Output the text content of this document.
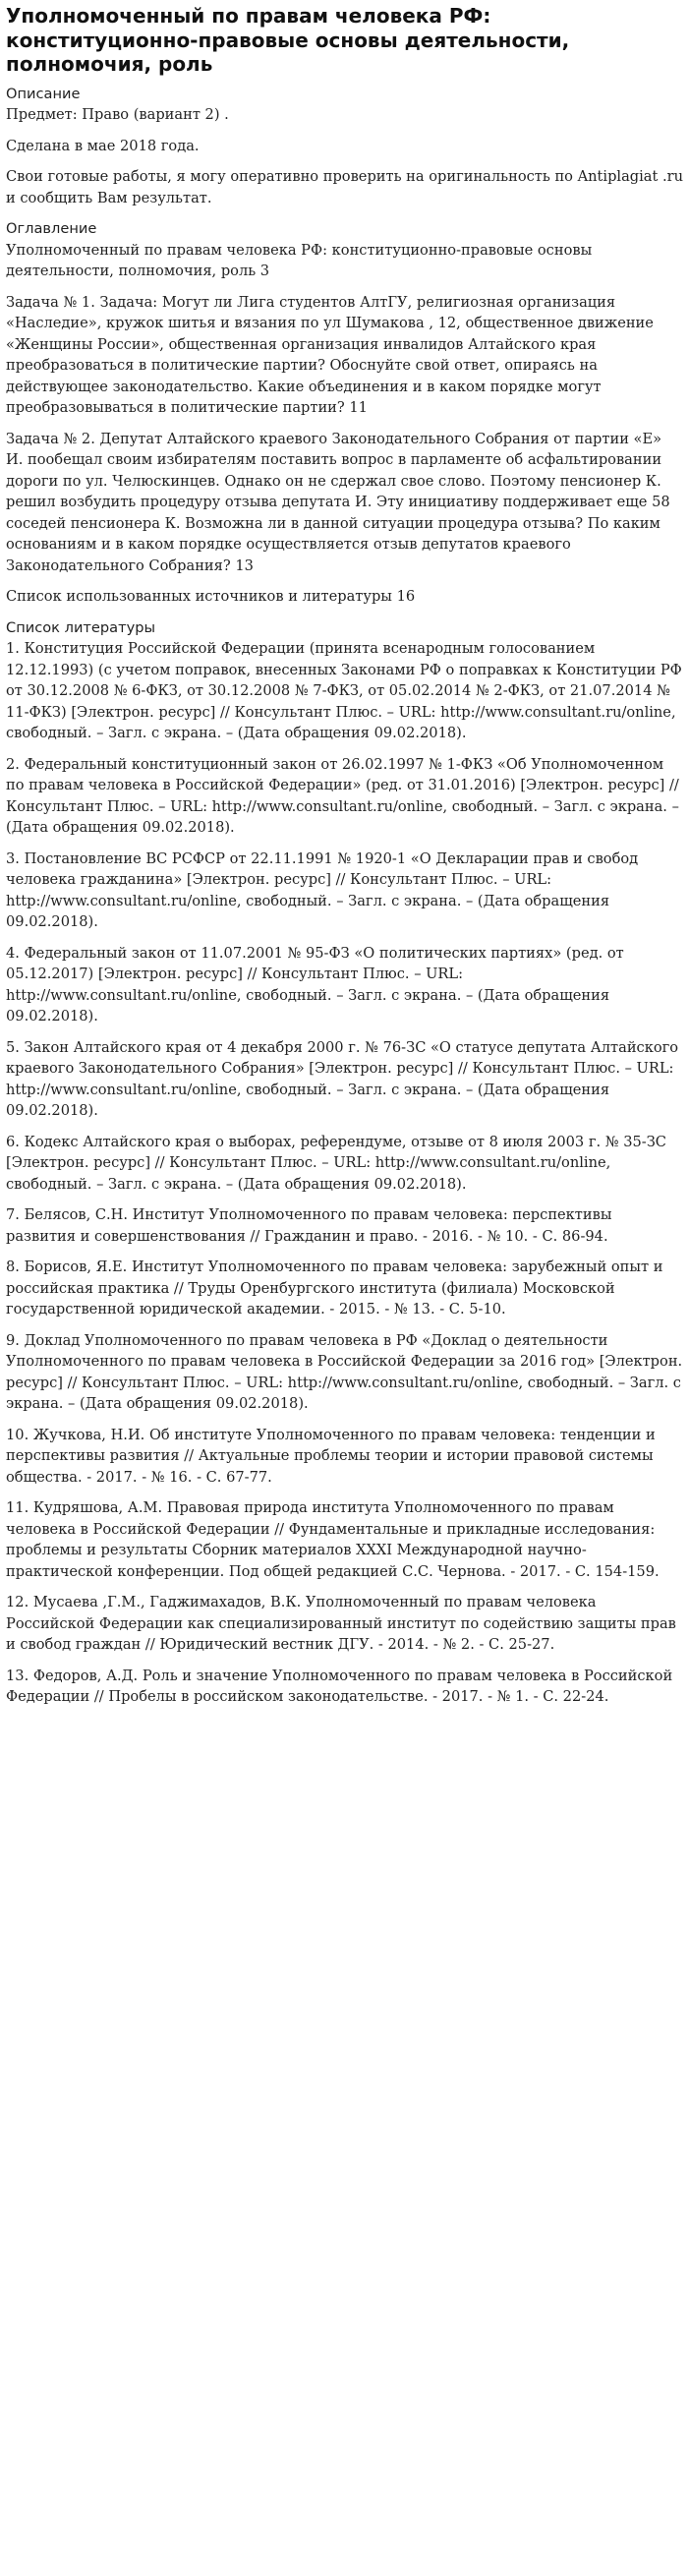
Уполномоченный по правам человека РФ: конституционно-правовые основы деятельности, полномочия, роль
Описание

Предмет: Право (вариант 2) .

Сделана в мае 2018 года.

Свои готовые работы, я могу оперативно проверить на оригинальность по Antiplagiat .ru и сообщить Вам результат.

Оглавление

Уполномоченный по правам человека РФ: конституционно-правовые основы деятельности, полномочия, роль 3

Задача № 1. Задача: Могут ли Лига студентов АлтГУ, религиозная организация «Наследие», кружок шитья и вязания по ул Шумакова , 12, общественное движение «Женщины России», общественная организация инвалидов Алтайского края преобразоваться в политические партии? Обоснуйте свой ответ, опираясь на действующее законодательство. Какие объединения и в каком порядке могут преобразовываться в политические партии? 11

Задача № 2. Депутат Алтайского краевого Законодательного Собрания от партии «Е» И. пообещал своим избирателям поставить вопрос в парламенте об асфальтировании дороги по ул. Челюскинцев. Однако он не сдержал свое слово. Поэтому пенсионер К. решил возбудить процедуру отзыва депутата И. Эту инициативу поддерживает еще 58 соседей пенсионера К. Возможна ли в данной ситуации процедура отзыва? По каким основаниям и в каком порядке осуществляется отзыв депутатов краевого Законодательного Собрания? 13

Список использованных источников и литературы 16

Список литературы

1. Конституция Российской Федерации (принята всенародным голосованием 12.12.1993) (с учетом поправок, внесенных Законами РФ о поправках к Конституции РФ от 30.12.2008 № 6-ФКЗ, от 30.12.2008 № 7-ФКЗ, от 05.02.2014 № 2-ФКЗ, от 21.07.2014 № 11-ФКЗ) [Электрон. ресурс] // Консультант Плюс. – URL: http://www.consultant.ru/online, свободный. – Загл. с экрана. – (Дата обращения 09.02.2018).

2. Федеральный конституционный закон от 26.02.1997 № 1-ФКЗ «Об Уполномоченном по правам человека в Российской Федерации» (ред. от 31.01.2016) [Электрон. ресурс] // Консультант Плюс. – URL: http://www.consultant.ru/online, свободный. – Загл. с экрана. – (Дата обращения 09.02.2018).

3. Постановление ВС РСФСР от 22.11.1991 № 1920-1 «О Декларации прав и свобод человека гражданина» [Электрон. ресурс] // Консультант Плюс. – URL: http://www.consultant.ru/online, свободный. – Загл. с экрана. – (Дата обращения 09.02.2018).

4. Федеральный закон от 11.07.2001 № 95-ФЗ «О политических партиях» (ред. от 05.12.2017) [Электрон. ресурс] // Консультант Плюс. – URL: http://www.consultant.ru/online, свободный. – Загл. с экрана. – (Дата обращения 09.02.2018).

5. Закон Алтайского края от 4 декабря 2000 г. № 76-ЗС «О статусе депутата Алтайского краевого Законодательного Собрания» [Электрон. ресурс] // Консультант Плюс. – URL: http://www.consultant.ru/online, свободный. – Загл. с экрана. – (Дата обращения 09.02.2018).

6. Кодекс Алтайского края о выборах, референдуме, отзыве от 8 июля 2003 г. № 35-ЗС [Электрон. ресурс] // Консультант Плюс. – URL: http://www.consultant.ru/online, свободный. – Загл. с экрана. – (Дата обращения 09.02.2018).

7. Белясов, С.Н. Институт Уполномоченного по правам человека: перспективы развития и совершенствования // Гражданин и право. - 2016. - № 10. - С. 86-94.

8. Борисов, Я.Е. Институт Уполномоченного по правам человека: зарубежный опыт и российская практика // Труды Оренбургского института (филиала) Московской государственной юридической академии. - 2015. - № 13. - С. 5-10.

9. Доклад Уполномоченного по правам человека в РФ «Доклад о деятельности Уполномоченного по правам человека в Российской Федерации за 2016 год» [Электрон. ресурс] // Консультант Плюс. – URL: http://www.consultant.ru/online, свободный. – Загл. с экрана. – (Дата обращения 09.02.2018).

10. Жучкова, Н.И. Об институте Уполномоченного по правам человека: тенденции и перспективы развития // Актуальные проблемы теории и истории правовой системы общества. - 2017. - № 16. - С. 67-77.

11. Кудряшова, А.М. Правовая природа института Уполномоченного по правам человека в Российской Федерации // Фундаментальные и прикладные исследования: проблемы и результаты Сборник материалов XXXI Международной научно-практической конференции. Под общей редакцией С.С. Чернова. - 2017. - С. 154-159.

12. Мусаева ,Г.М., Гаджимахадов, В.К. Уполномоченный по правам человека Российской Федерации как специализированный институт по содействию защиты прав и свобод граждан // Юридический вестник ДГУ. - 2014. - № 2. - С. 25-27.

13. Федоров, А.Д. Роль и значение Уполномоченного по правам человека в Российской Федерации // Пробелы в российском законодательстве. - 2017. - № 1. - С. 22-24.
